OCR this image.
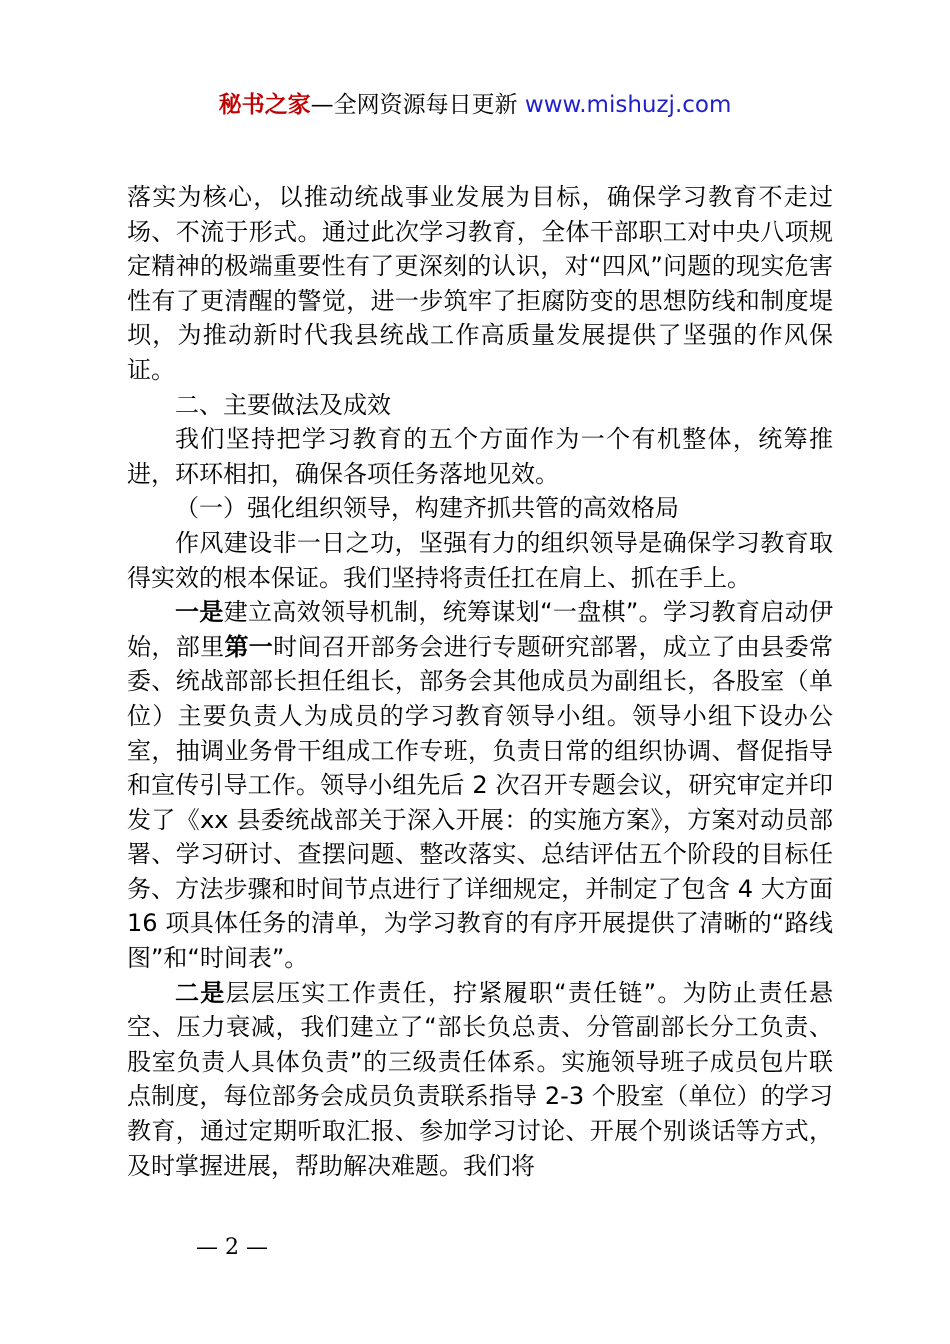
秘书之家—全网资源每日更新 www.mishuzj.com

落实为核心，以推动统战事业发展为目标，确保学习教育不走过场、不流于形式。通过此次学习教育，全体干部职工对中央八项规定精神的极端重要性有了更深刻的认识，对“四风”问题的现实危害性有了更清醒的警觉，进一步筑牢了拒腐防变的思想防线和制度堤坝，为推动新时代我县统战工作高质量发展提供了坚强的作风保证。

二、主要做法及成效

我们坚持把学习教育的五个方面作为一个有机整体，统筹推进，环环相扣，确保各项任务落地见效。

（一）强化组织领导，构建齐抓共管的高效格局

作风建设非一日之功，坚强有力的组织领导是确保学习教育取得实效的根本保证。我们坚持将责任扛在肩上、抓在手上。

一是建立高效领导机制，统筹谋划“一盘棋”。学习教育启动伊始，部里第一时间召开部务会进行专题研究部署，成立了由县委常委、统战部部长担任组长，部务会其他成员为副组长，各股室（单位）主要负责人为成员的学习教育领导小组。领导小组下设办公室，抽调业务骨干组成工作专班，负责日常的组织协调、督促指导和宣传引导工作。领导小组先后 2 次召开专题会议，研究审定并印发了《xx 县委统战部关于深入开展：的实施方案》，方案对动员部署、学习研讨、查摆问题、整改落实、总结评估五个阶段的目标任务、方法步骤和时间节点进行了详细规定，并制定了包含 4 大方面 16 项具体任务的清单，为学习教育的有序开展提供了清晰的“路线图”和“时间表”。

二是层层压实工作责任，拧紧履职“责任链”。为防止责任悬空、压力衰减，我们建立了“部长负总责、分管副部长分工负责、股室负责人具体负责”的三级责任体系。实施领导班子成员包片联点制度，每位部务会成员负责联系指导 2-3 个股室（单位）的学习教育，通过定期听取汇报、参加学习讨论、开展个别谈话等方式，及时掌握进展，帮助解决难题。我们将

— 2 —
